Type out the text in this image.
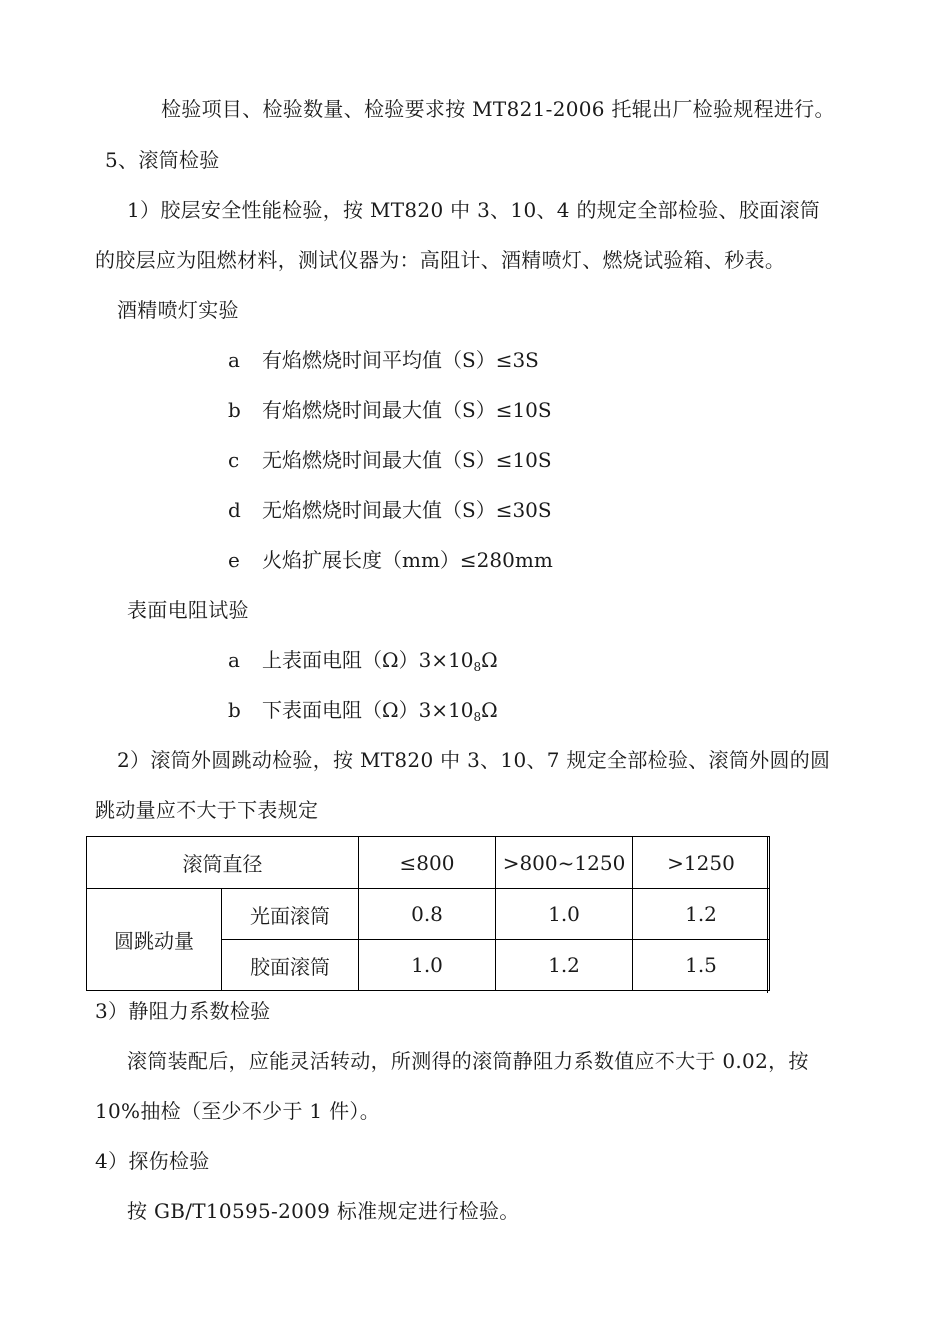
检验项目、检验数量、检验要求按 MT821-2006 托辊出厂检验规程进行。
5、滚筒检验
1）胶层安全性能检验，按 MT820 中 3、10、4 的规定全部检验、胶面滚筒
的胶层应为阻燃材料，测试仪器为：高阻计、酒精喷灯、燃烧试验箱、秒表。
酒精喷灯实验
a 有焰燃烧时间平均值（S）≤3S
b 有焰燃烧时间最大值（S）≤10S
c 无焰燃烧时间最大值（S）≤10S
d 无焰燃烧时间最大值（S）≤30S
e 火焰扩展长度（mm）≤280mm
表面电阻试验
a 上表面电阻$(\Omega)3\times 10_8\Omega$
b 下表面电阻$(\Omega)3\times 10_8\Omega$
2）滚筒外圆跳动检验，按 MT820 中 3、10、7 规定全部检验、滚筒外圆的圆
跳动量应不大于下表规定
滚筒直径		≤800	>800~1250	>1250
圆跳动量	光面滚筒	0.8	1.0	1.2
	胶面滚筒	1.0	1.2	1.5
3）静阻力系数检验
滚筒装配后，应能灵活转动，所测得的滚筒静阻力系数值应不大于 0.02，按
10%抽检（至少不少于 1 件）。
4）探伤检验
按 GB/T10595-2009 标准规定进行检验。
